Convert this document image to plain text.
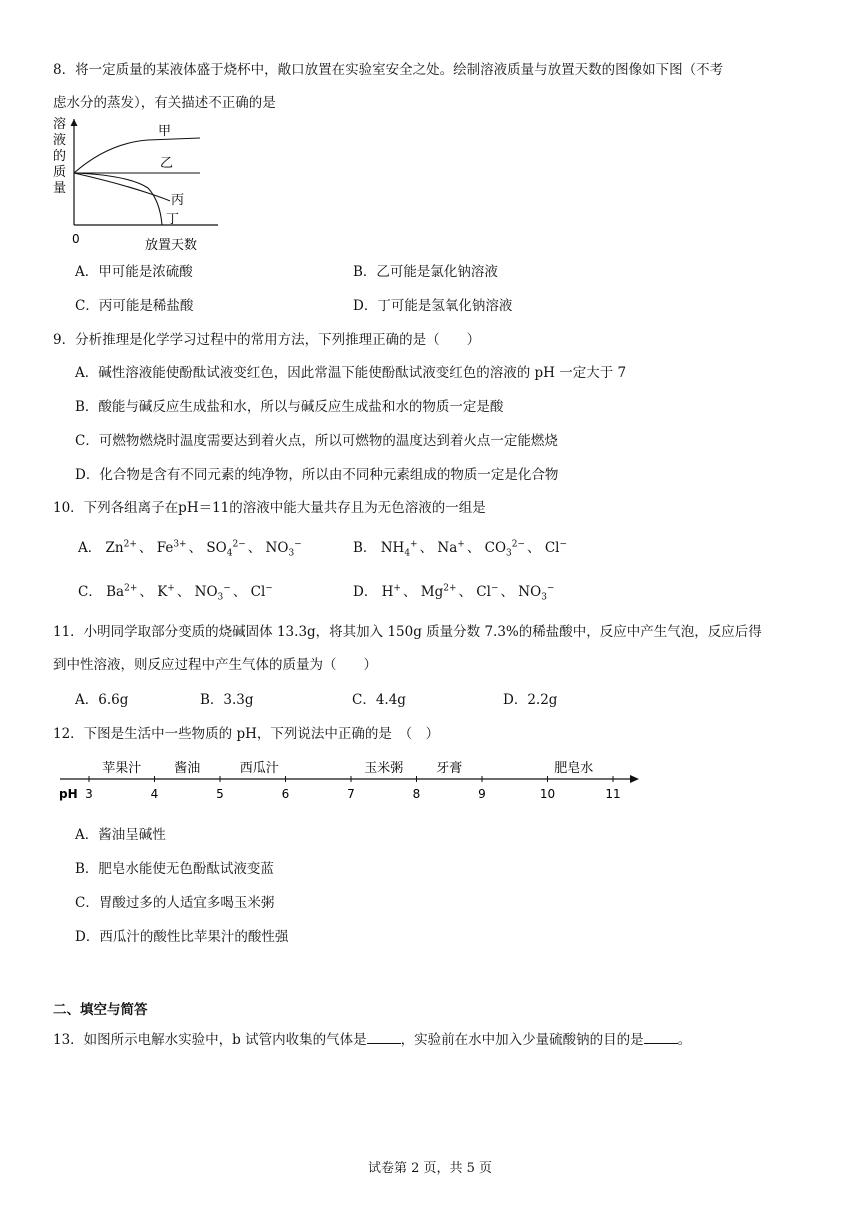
8．将一定质量的某液体盛于烧杯中，敞口放置在实验室安全之处。绘制溶液质量与放置天数的图像如下图（不考
虑水分的蒸发），有关描述不正确的是
溶
液
的
质
量
甲
乙
丙
丁
0	放置天数
A．甲可能是浓硫酸	B．乙可能是氯化钠溶液
C．丙可能是稀盐酸	D．丁可能是氢氧化钠溶液
9．分析推理是化学学习过程中的常用方法，下列推理正确的是（　　）
A．碱性溶液能使酚酞试液变红色，因此常温下能使酚酞试液变红色的溶液的 pH 一定大于 7
B．酸能与碱反应生成盐和水，所以与碱反应生成盐和水的物质一定是酸
C．可燃物燃烧时温度需要达到着火点，所以可燃物的温度达到着火点一定能燃烧
D．化合物是含有不同元素的纯净物，所以由不同种元素组成的物质一定是化合物
10．下列各组离子在pH＝11的溶液中能大量共存且为无色溶液的一组是
A． $Zn^{2+}$ 、 $Fe^{3+}$ 、 $SO_4^{2-}$ 、 $NO_3^-$	B． $NH_4^+$ 、 Na+ 、 $CO_3^{2-}$ 、 Cl−
C． $Ba^{2+}$ 、 K+ 、 $NO_3^-$ 、 Cl−	D． H+ 、 $Mg^{2+}$ 、 Cl− 、 $NO_3^-$
11．小明同学取部分变质的烧碱固体 13.3g，将其加入 150g 质量分数 7.3%的稀盐酸中，反应中产生气泡，反应后得
到中性溶液，则反应过程中产生气体的质量为（　　）
A．6.6g	B．3.3g	C．4.4g	D．2.2g
12．下图是生活中一些物质的 pH，下列说法中正确的是　（　）
pH 3	4	5	6	7	8	9	10	11
苹果汁	酱油	西瓜汁	玉米粥	牙膏	肥皂水
A．酱油呈碱性
B．肥皂水能使无色酚酞试液变蓝
C．胃酸过多的人适宜多喝玉米粥
D．西瓜汁的酸性比苹果汁的酸性强
二、填空与简答
13．如图所示电解水实验中，b 试管内收集的气体是	，实验前在水中加入少量硫酸钠的目的是	。
试卷第 2 页，共 5 页
